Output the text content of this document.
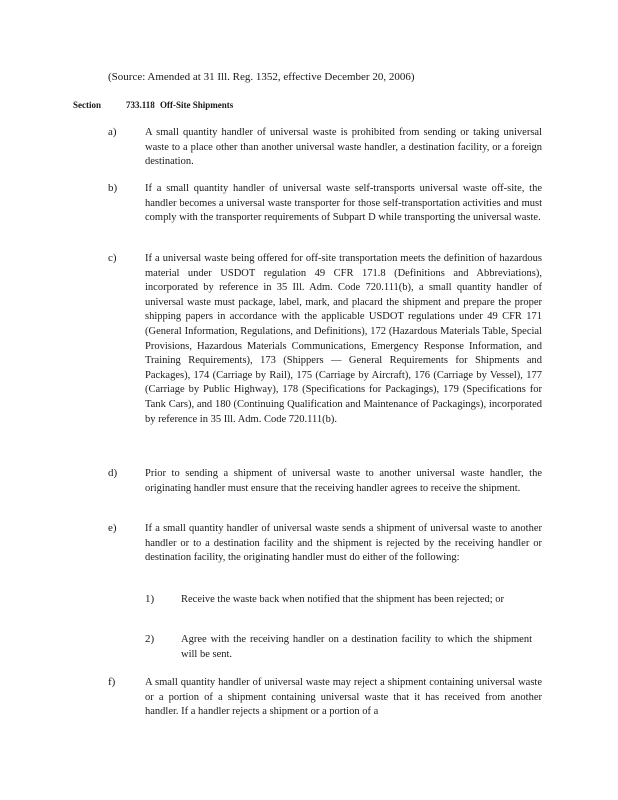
(Source: Amended at 31 Ill. Reg. 1352, effective December 20, 2006)
Section	733.118 Off-Site Shipments
a)	A small quantity handler of universal waste is prohibited from sending or taking universal waste to a place other than another universal waste handler, a destination facility, or a foreign destination.
b)	If a small quantity handler of universal waste self-transports universal waste off-site, the handler becomes a universal waste transporter for those self-transportation activities and must comply with the transporter requirements of Subpart D while transporting the universal waste.
c)	If a universal waste being offered for off-site transportation meets the definition of hazardous material under USDOT regulation 49 CFR 171.8 (Definitions and Abbreviations), incorporated by reference in 35 Ill. Adm. Code 720.111(b), a small quantity handler of universal waste must package, label, mark, and placard the shipment and prepare the proper shipping papers in accordance with the applicable USDOT regulations under 49 CFR 171 (General Information, Regulations, and Definitions), 172 (Hazardous Materials Table, Special Provisions, Hazardous Materials Communications, Emergency Response Information, and Training Requirements), 173 (Shippers — General Requirements for Shipments and Packages), 174 (Carriage by Rail), 175 (Carriage by Aircraft), 176 (Carriage by Vessel), 177 (Carriage by Public Highway), 178 (Specifications for Packagings), 179 (Specifications for Tank Cars), and 180 (Continuing Qualification and Maintenance of Packagings), incorporated by reference in 35 Ill. Adm. Code 720.111(b).
d)	Prior to sending a shipment of universal waste to another universal waste handler, the originating handler must ensure that the receiving handler agrees to receive the shipment.
e)	If a small quantity handler of universal waste sends a shipment of universal waste to another handler or to a destination facility and the shipment is rejected by the receiving handler or destination facility, the originating handler must do either of the following:
1)	Receive the waste back when notified that the shipment has been rejected; or
2)	Agree with the receiving handler on a destination facility to which the shipment will be sent.
f)	A small quantity handler of universal waste may reject a shipment containing universal waste or a portion of a shipment containing universal waste that it has received from another handler. If a handler rejects a shipment or a portion of a
